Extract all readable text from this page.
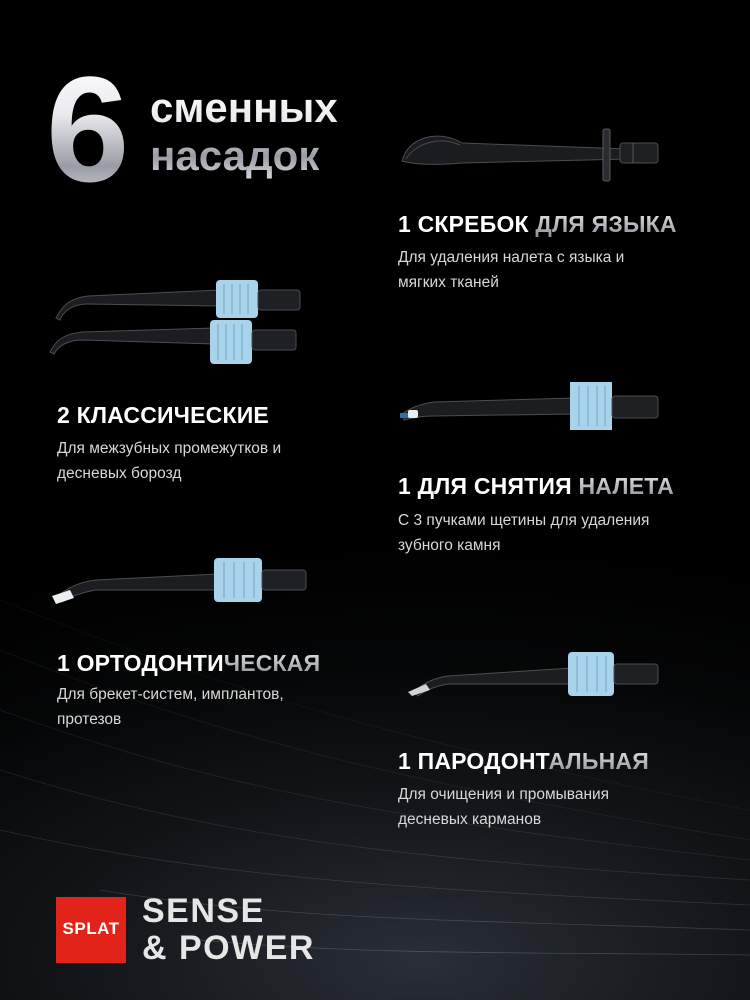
6 сменных
насадок
1 СКРЕБОК ДЛЯ ЯЗЫКА
Для удаления налета с языка и
мягких тканей
2 КЛАССИЧЕСКИЕ
Для межзубных промежутков и
десневых борозд	1 ДЛЯ СНЯТИЯ НАЛЕТА
С 3 пучками щетины для удаления
зубного камня
1 ОРТОДОНТИЧЕСКАЯ
Для брекет-систем, имплантов,
протезов
1 ПАРОДОНТАЛЬНАЯ
Для очищения и промывания
десневых карманов
SPLAT SENSE
& POWER
